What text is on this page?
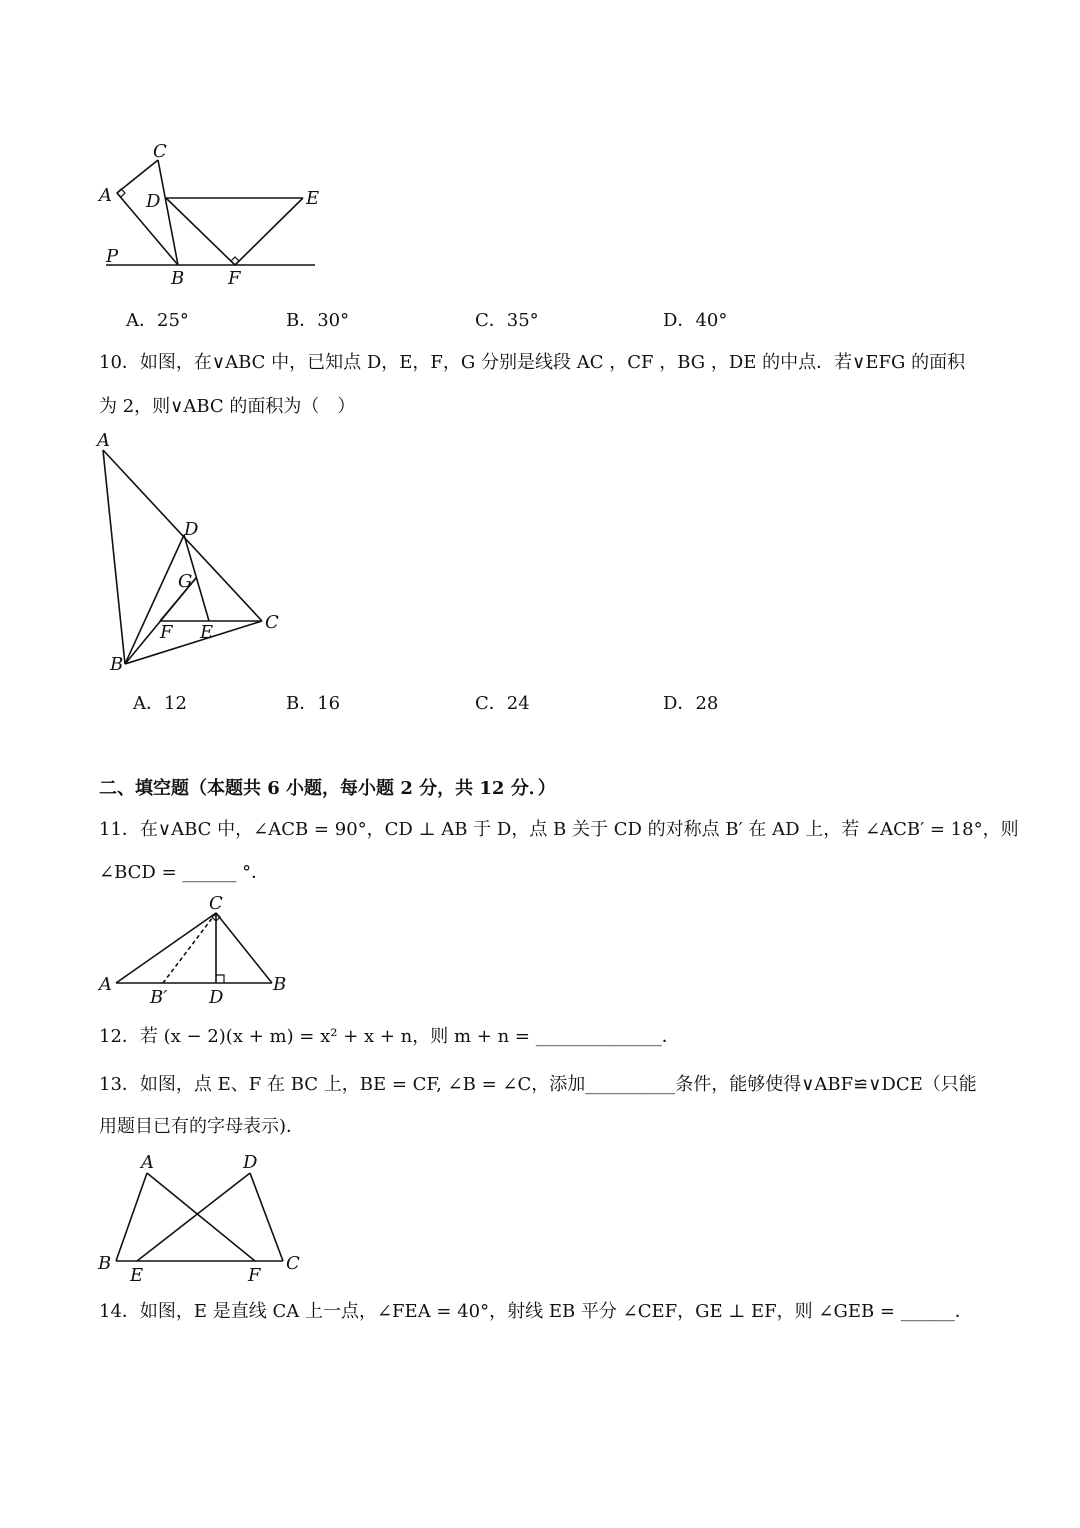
C
A D	E
P
B F
A．25°	B．30°	C．35°	D．40°
10．如图，在∨ABC 中，已知点 D，E，F，G 分别是线段 AC ，CF ，BG ，DE 的中点．若∨EFG 的面积
为 2，则∨ABC 的面积为（　）
A
D
G
F E	C
B
A．12	B．16	C．24	D．28
二、填空题（本题共 6 小题，每小题 2 分，共 12 分．）
11．在∨ABC 中，∠ACB = 90°，CD ⊥ AB 于 D，点 B 关于 CD 的对称点 B′ 在 AD 上，若 ∠ACB′ = 18°，则
∠BCD = ______ °．
C
A
B′ D
B
12．若 (x − 2)(x + m) = x² + x + n，则 m + n = ______________．
13．如图，点 E、F 在 BC 上，BE = CF, ∠B = ∠C，添加__________条件，能够使得∨ABF≌∨DCE（只能
用题目已有的字母表示)．
A	D
B
E	F
C
14．如图，E 是直线 CA 上一点，∠FEA = 40°，射线 EB 平分 ∠CEF，GE ⊥ EF，则 ∠GEB = ______．
